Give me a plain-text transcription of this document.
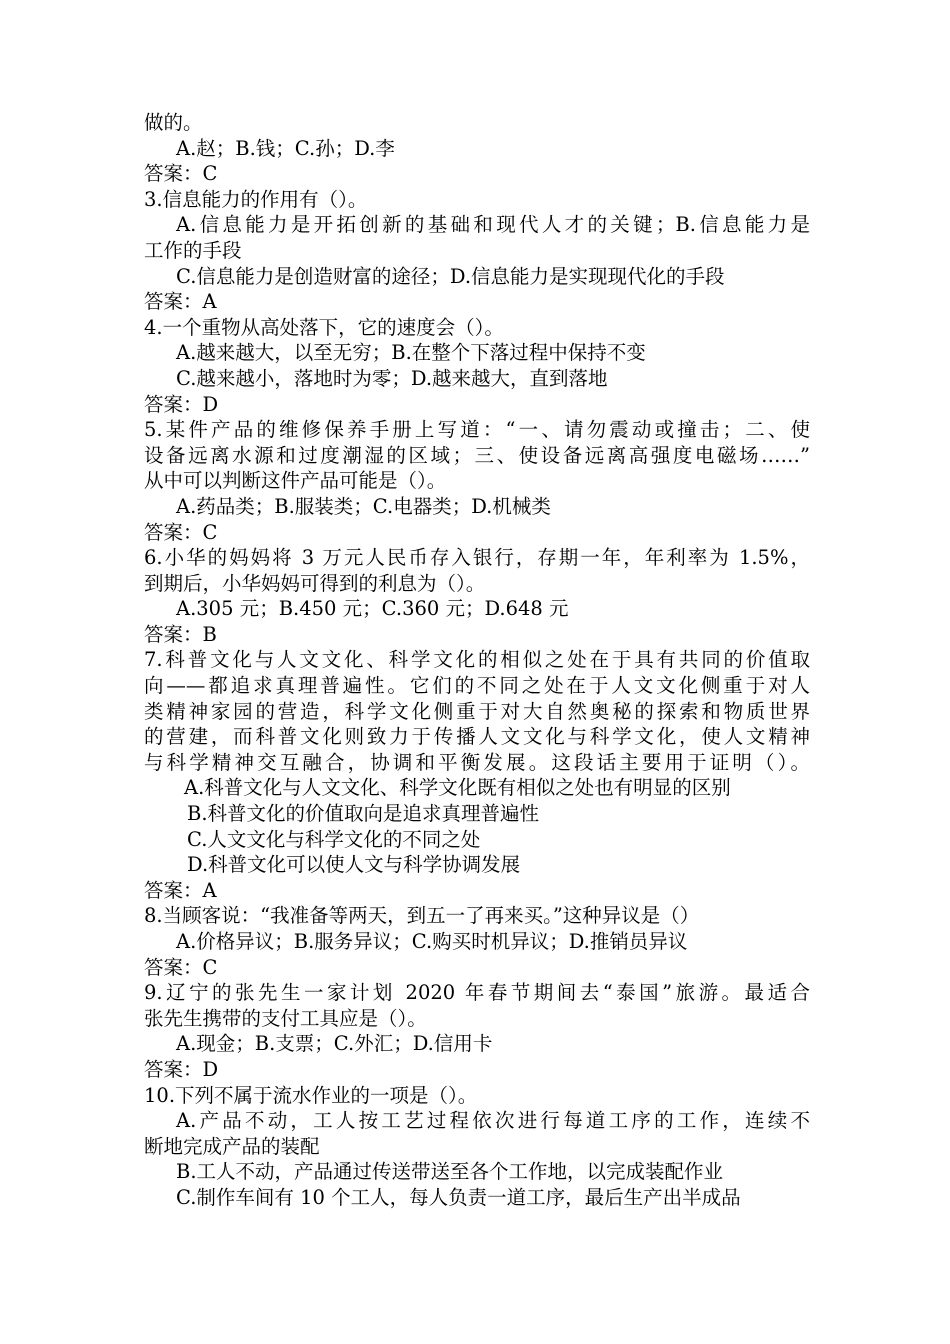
做的。
A.赵；B.钱；C.孙；D.李
答案：C
3.信息能力的作用有（）。
A.信息能力是开拓创新的基础和现代人才的关键；B.信息能力是
工作的手段
C.信息能力是创造财富的途径；D.信息能力是实现现代化的手段
答案：A
4.一个重物从高处落下，它的速度会（）。
A.越来越大，以至无穷；B.在整个下落过程中保持不变
C.越来越小，落地时为零；D.越来越大，直到落地
答案：D
5.某件产品的维修保养手册上写道：“一、请勿震动或撞击；二、使
设备远离水源和过度潮湿的区域；三、使设备远离高强度电磁场……”
从中可以判断这件产品可能是（）。
A.药品类；B.服装类；C.电器类；D.机械类
答案：C
6.小华的妈妈将 3 万元人民币存入银行，存期一年，年利率为 1.5%，
到期后，小华妈妈可得到的利息为（）。
A.305 元；B.450 元；C.360 元；D.648 元
答案：B
7.科普文化与人文文化、科学文化的相似之处在于具有共同的价值取
向——都追求真理普遍性。它们的不同之处在于人文文化侧重于对人
类精神家园的营造，科学文化侧重于对大自然奥秘的探索和物质世界
的营建，而科普文化则致力于传播人文文化与科学文化，使人文精神
与科学精神交互融合，协调和平衡发展。这段话主要用于证明（）。
A.科普文化与人文文化、科学文化既有相似之处也有明显的区别
B.科普文化的价值取向是追求真理普遍性
C.人文文化与科学文化的不同之处
D.科普文化可以使人文与科学协调发展
答案：A
8.当顾客说：“我准备等两天，到五一了再来买。”这种异议是（）
A.价格异议；B.服务异议；C.购买时机异议；D.推销员异议
答案：C
9.辽宁的张先生一家计划 2020 年春节期间去“泰国”旅游。最适合
张先生携带的支付工具应是（）。
A.现金；B.支票；C.外汇；D.信用卡
答案：D
10.下列不属于流水作业的一项是（）。
A.产品不动，工人按工艺过程依次进行每道工序的工作，连续不
断地完成产品的装配
B.工人不动，产品通过传送带送至各个工作地，以完成装配作业
C.制作车间有 10 个工人，每人负责一道工序，最后生产出半成品
